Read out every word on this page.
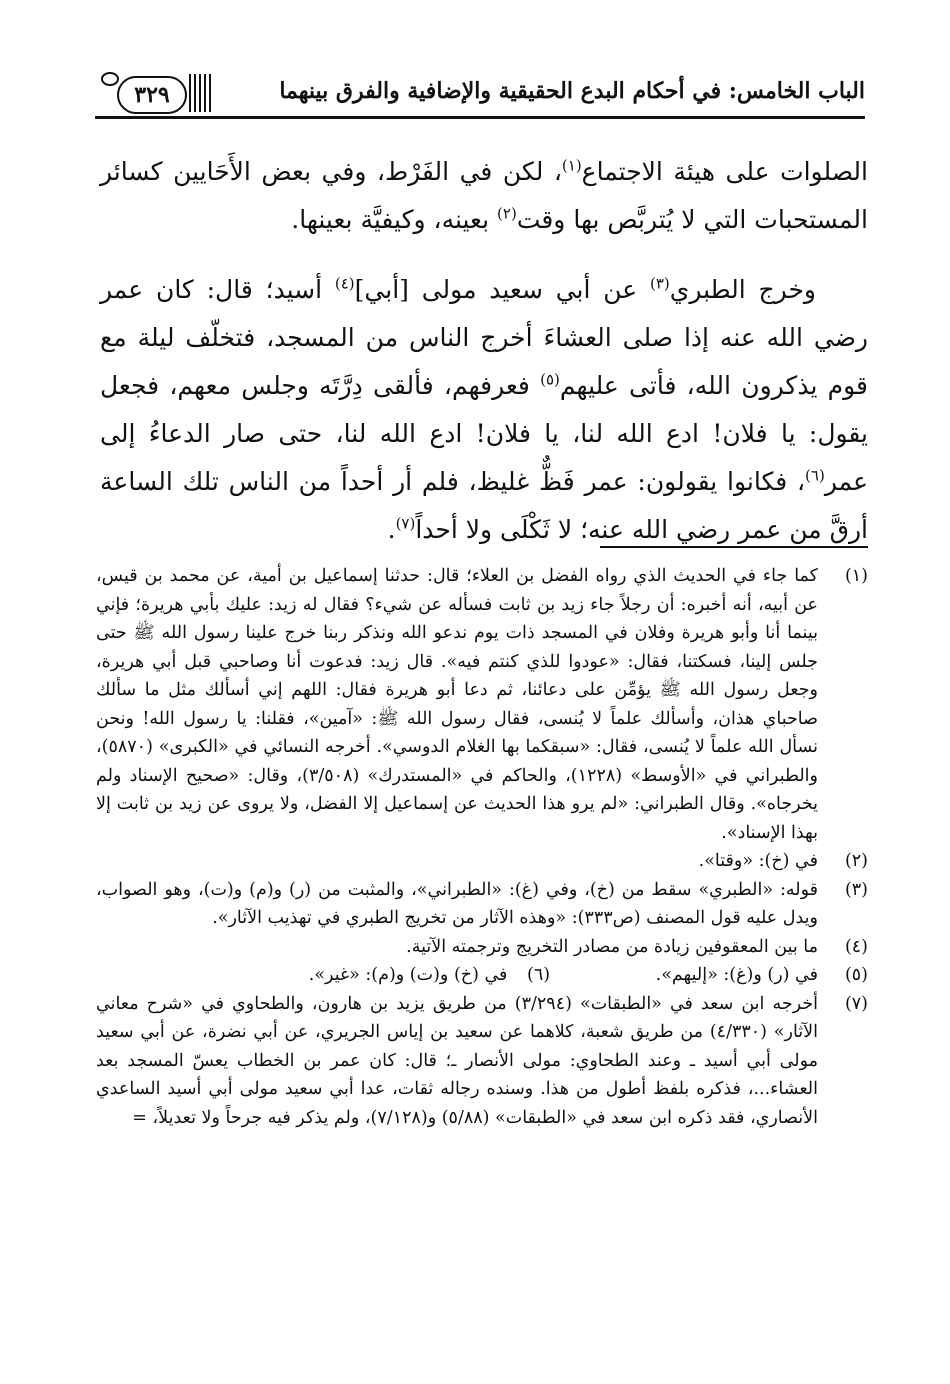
٣٢٩	الباب الخامس: في أحكام البدع الحقيقية والإضافية والفرق بينهما
الصلوات على هيئة الاجتماع$^{(١)}$، لكن في الفَرْط، وفي بعض الأَحَايين كسائر المستحبات التي لا يُتربَّص بها وقت$^{(٢)}$ بعينه، وكيفيَّة بعينها.
وخرج الطبري$^{(٣)}$ عن أبي سعيد مولى [أبي]$^{(٤)}$ أسيد؛ قال: كان عمر رضي الله عنه إذا صلى العشاءَ أخرج الناس من المسجد، فتخلّف ليلة مع قوم يذكرون الله، فأتى عليهم$^{(٥)}$ فعرفهم، فألقى دِرَّتَه وجلس معهم، فجعل يقول: يا فلان! ادع الله لنا، يا فلان! ادع الله لنا، حتى صار الدعاءُ إلى عمر$^{(٦)}$، فكانوا يقولون: عمر فَظٌّ غليظ، فلم أر أحداً من الناس تلك الساعة أرقَّ من عمر رضي الله عنه؛ لا ثَكْلَى ولا أحداً$^{(٧)}$.
(١)
كما جاء في الحديث الذي رواه الفضل بن العلاء؛ قال: حدثنا إسماعيل بن أمية، عن محمد بن قيس، عن أبيه، أنه أخبره: أن رجلاً جاء زيد بن ثابت فسأله عن شيء؟ فقال له زيد: عليك بأبي هريرة؛ فإني بينما أنا وأبو هريرة وفلان في المسجد ذات يوم ندعو الله ونذكر ربنا خرج علينا رسول الله ﷺ حتى جلس إلينا، فسكتنا، فقال: «عودوا للذي كنتم فيه». قال زيد: فدعوت أنا وصاحبي قبل أبي هريرة، وجعل رسول الله ﷺ يؤمِّن على دعائنا، ثم دعا أبو هريرة فقال: اللهم إني أسألك مثل ما سألك صاحباي هذان، وأسألك علماً لا يُنسى، فقال رسول الله ﷺ: «آمين»، فقلنا: يا رسول الله! ونحن نسأل الله علماً لا يُنسى، فقال: «سبقكما بها الغلام الدوسي». أخرجه النسائي في «الكبرى» (٥٨٧٠)، والطبراني في «الأوسط» (١٢٢٨)، والحاكم في «المستدرك» (٣/٥٠٨)، وقال: «صحيح الإسناد ولم يخرجاه». وقال الطبراني: «لم يرو هذا الحديث عن إسماعيل إلا الفضل، ولا يروى عن زيد بن ثابت إلا بهذا الإسناد».
(٢)
في (خ): «وقتا».
(٣)
قوله: «الطبري» سقط من (خ)، وفي (غ): «الطبراني»، والمثبت من (ر) و(م) و(ت)، وهو الصواب، ويدل عليه قول المصنف (ص٣٣٣): «وهذه الآثار من تخريج الطبري في تهذيب الآثار».
(٤)
ما بين المعقوفين زيادة من مصادر التخريج وترجمته الآتية.
(٥)
في (ر) و(غ): «إليهم». (٦) في (خ) و(ت) و(م): «غير».
(٧)
أخرجه ابن سعد في «الطبقات» (٣/٢٩٤) من طريق يزيد بن هارون، والطحاوي في «شرح معاني الآثار» (٤/٣٣٠) من طريق شعبة، كلاهما عن سعيد بن إياس الجريري، عن أبي نضرة، عن أبي سعيد مولى أبي أسيد ـ وعند الطحاوي: مولى الأنصار ـ؛ قال: كان عمر بن الخطاب يعسّ المسجد بعد العشاء...، فذكره بلفظ أطول من هذا. وسنده رجاله ثقات، عدا أبي سعيد مولى أبي أسيد الساعدي الأنصاري، فقد ذكره ابن سعد في «الطبقات» (٥/٨٨) و(٧/١٢٨)، ولم يذكر فيه جرحاً ولا تعديلاً، =
